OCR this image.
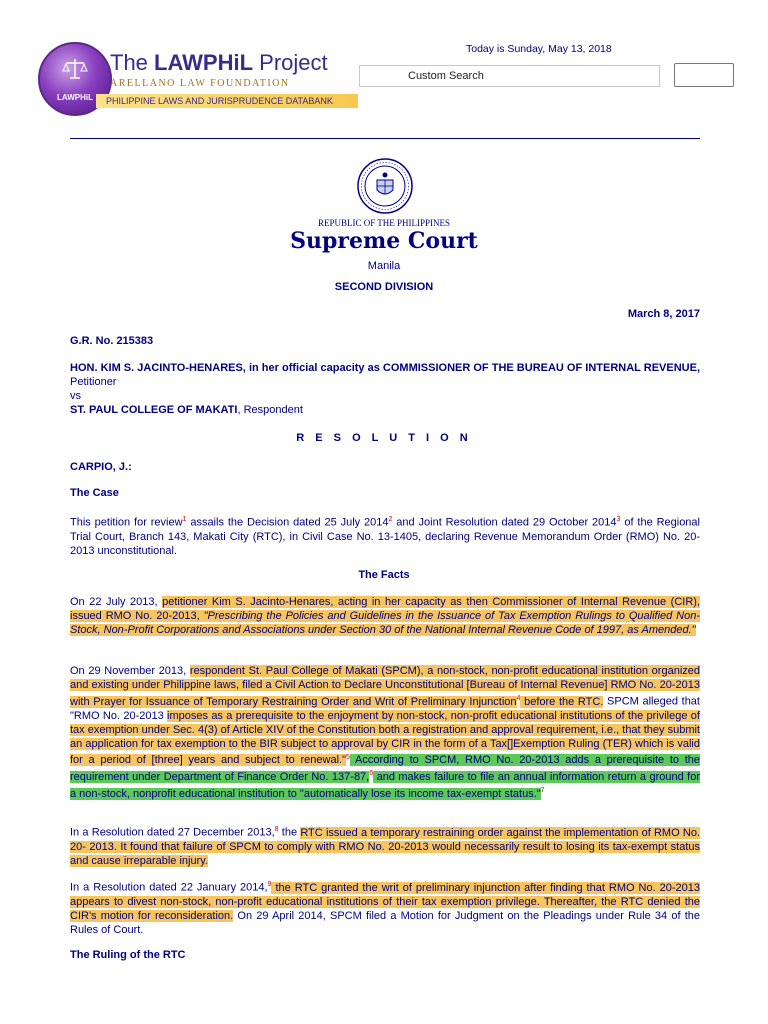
LAWPHiL
The LAWPHiL Project
ARELLANO LAW FOUNDATION
PHILIPPINE LAWS AND JURISPRUDENCE DATABANK
Today is Sunday, May 13, 2018
Custom Search
REPUBLIC OF THE PHILIPPINES
Supreme Court
Manila
SECOND DIVISION
March 8, 2017
G.R. No. 215383
HON. KIM S. JACINTO-HENARES, in her official capacity as COMMISSIONER OF THE BUREAU OF INTERNAL REVENUE, Petitioner
vs
ST. PAUL COLLEGE OF MAKATI, Respondent
R E S O L U T I O N
CARPIO, J.:
The Case
This petition for review$^1$ assails the Decision dated 25 July 2014$^2$ and Joint Resolution dated 29 October 2014$^3$ of the Regional Trial Court, Branch 143, Makati City (RTC), in Civil Case No. 13-1405, declaring Revenue Memorandum Order (RMO) No. 20-2013 unconstitutional.
The Facts
On 22 July 2013, petitioner Kim S. Jacinto-Henares, acting in her capacity as then Commissioner of Internal Revenue (CIR), issued RMO No. 20-2013, "Prescribing the Policies and Guidelines in the Issuance of Tax Exemption Rulings to Qualified Non-Stock, Non-Profit Corporations and Associations under Section 30 of the National Internal Revenue Code of 1997, as Amended."
On 29 November 2013, respondent St. Paul College of Makati (SPCM), a non-stock, non-profit educational institution organized and existing under Philippine laws, filed a Civil Action to Declare Unconstitutional [Bureau of Internal Revenue] RMO No. 20-2013 with Prayer for Issuance of Temporary Restraining Order and Writ of Preliminary Injunction$^4$ before the RTC. SPCM alleged that "RMO No. 20-2013 imposes as a prerequisite to the enjoyment by non-stock, non-profit educational institutions of the privilege of tax exemption under Sec. 4(3) of Article XIV of the Constitution both a registration and approval requirement, i.e., that they submit an application for tax exemption to the BIR subject to approval by CIR in the form of a Tax[]Exemption Ruling (TER) which is valid for a period of [three] years and subject to renewal."$^5$ According to SPCM, RMO No. 20-2013 adds a prerequisite to the requirement under Department of Finance Order No. 137-87,$^6$ and makes failure to file an annual information return a ground for a non-stock, nonprofit educational institution to "automatically lose its income tax-exempt status."$^7$
In a Resolution dated 27 December 2013,$^8$ the RTC issued a temporary restraining order against the implementation of RMO No. 20- 2013. It found that failure of SPCM to comply with RMO No. 20-2013 would necessarily result to losing its tax-exempt status and cause irreparable injury.
In a Resolution dated 22 January 2014,$^9$ the RTC granted the writ of preliminary injunction after finding that RMO No. 20-2013 appears to divest non-stock, non-profit educational institutions of their tax exemption privilege. Thereafter, the RTC denied the CIR's motion for reconsideration. On 29 April 2014, SPCM filed a Motion for Judgment on the Pleadings under Rule 34 of the Rules of Court.
The Ruling of the RTC
